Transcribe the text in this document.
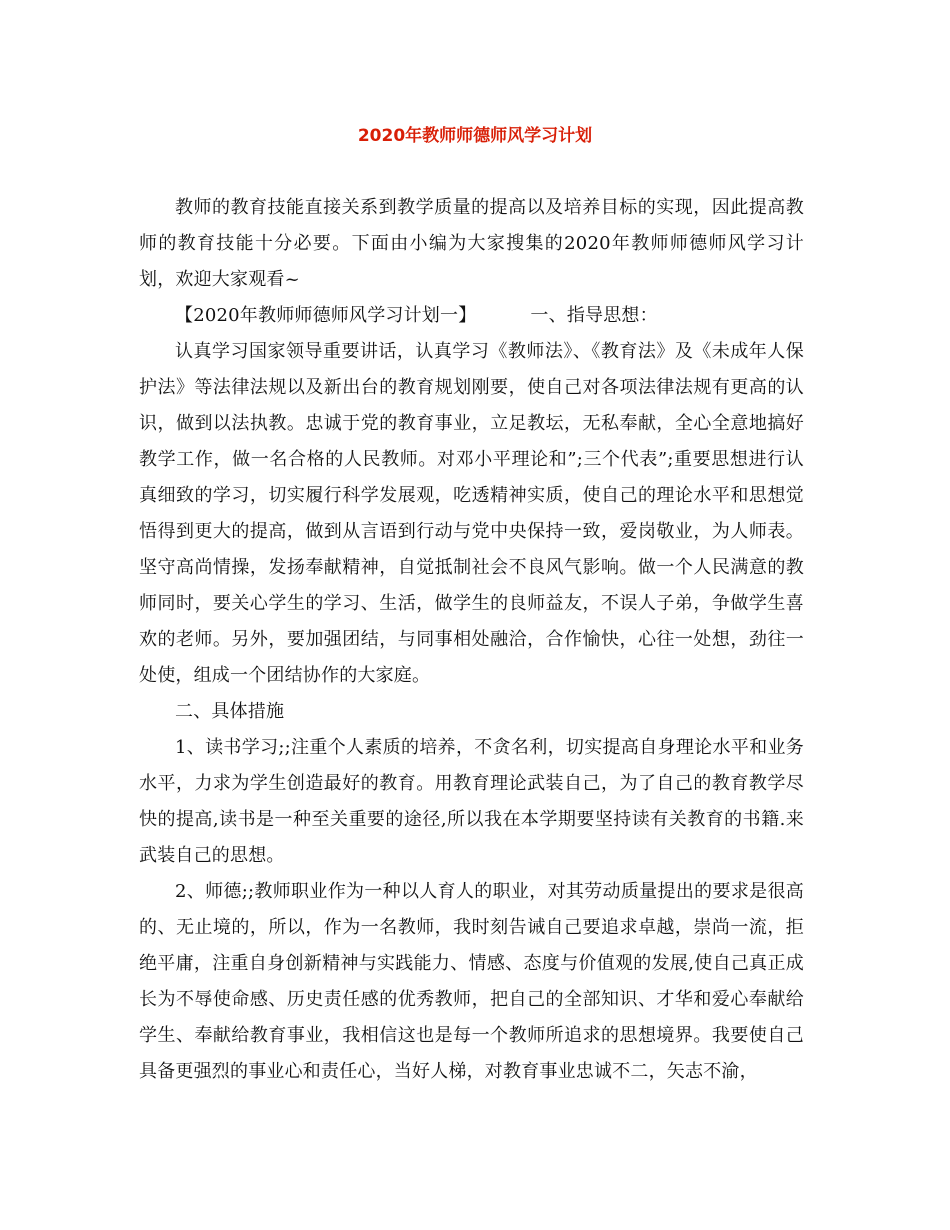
2020年教师师德师风学习计划

教师的教育技能直接关系到教学质量的提高以及培养目标的实现，因此提高教师的教育技能十分必要。下面由小编为大家搜集的2020年教师师德师风学习计划，欢迎大家观看~

【2020年教师师德师风学习计划一】	一、指导思想：

认真学习国家领导重要讲话，认真学习《教师法》、《教育法》及《未成年人保护法》等法律法规以及新出台的教育规划刚要，使自己对各项法律法规有更高的认识，做到以法执教。忠诚于党的教育事业，立足教坛，无私奉献，全心全意地搞好教学工作，做一名合格的人民教师。对邓小平理论和”;三个代表”;重要思想进行认真细致的学习，切实履行科学发展观，吃透精神实质，使自己的理论水平和思想觉悟得到更大的提高，做到从言语到行动与党中央保持一致，爱岗敬业，为人师表。坚守高尚情操，发扬奉献精神，自觉抵制社会不良风气影响。做一个人民满意的教师同时，要关心学生的学习、生活，做学生的良师益友，不误人子弟，争做学生喜欢的老师。另外，要加强团结，与同事相处融洽，合作愉快，心往一处想，劲往一处使，组成一个团结协作的大家庭。

二、具体措施

1、读书学习;;注重个人素质的培养，不贪名利，切实提高自身理论水平和业务水平，力求为学生创造最好的教育。用教育理论武装自己，为了自己的教育教学尽快的提高,读书是一种至关重要的途径,所以我在本学期要坚持读有关教育的书籍.来武装自己的思想。

2、师德;;教师职业作为一种以人育人的职业，对其劳动质量提出的要求是很高的、无止境的，所以，作为一名教师，我时刻告诫自己要追求卓越，崇尚一流，拒绝平庸，注重自身创新精神与实践能力、情感、态度与价值观的发展,使自己真正成长为不辱使命感、历史责任感的优秀教师，把自己的全部知识、才华和爱心奉献给学生、奉献给教育事业，我相信这也是每一个教师所追求的思想境界。我要使自己具备更强烈的事业心和责任心，当好人梯，对教育事业忠诚不二，矢志不渝，
